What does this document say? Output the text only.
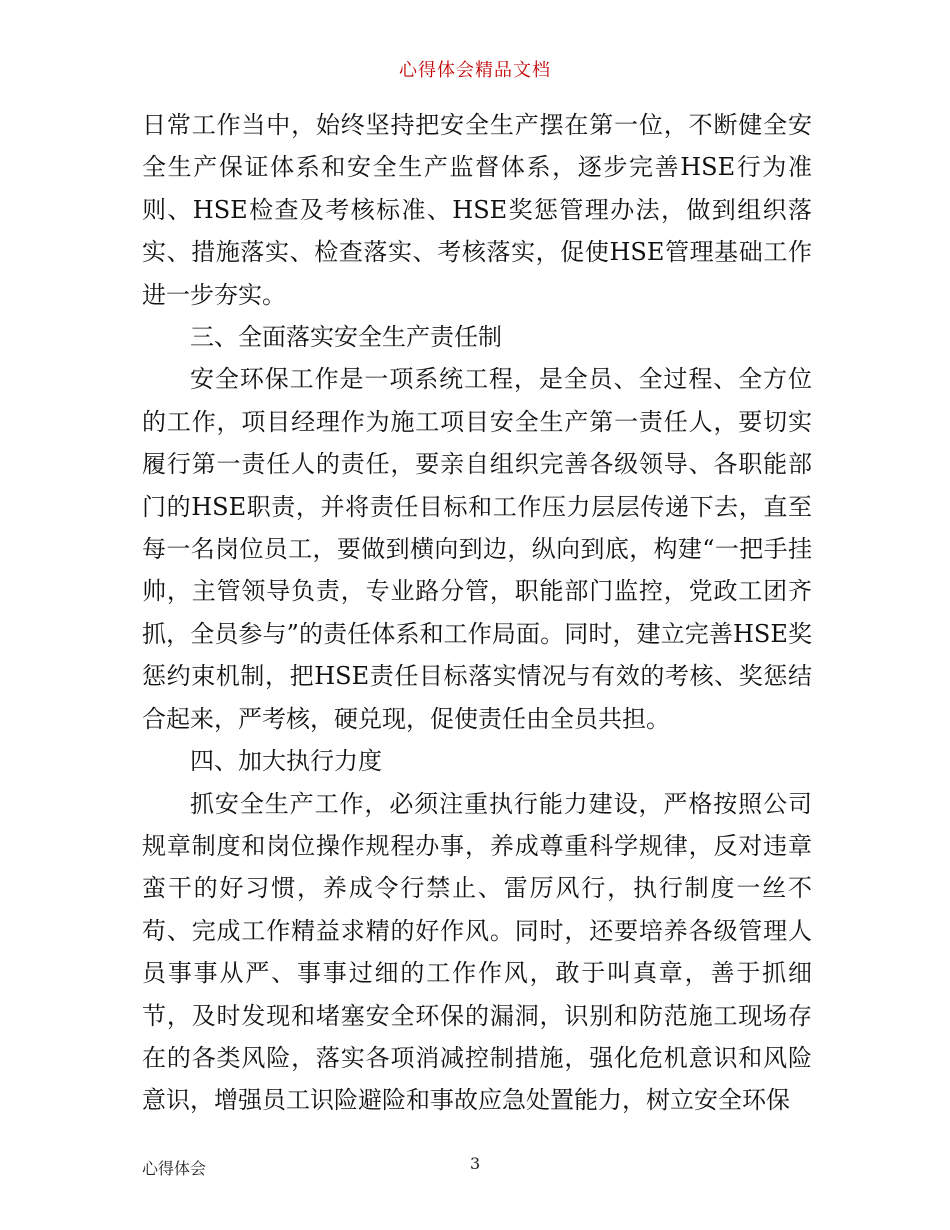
心得体会精品文档

日常工作当中，始终坚持把安全生产摆在第一位，不断健全安全生产保证体系和安全生产监督体系，逐步完善HSE行为准则、HSE检查及考核标准、HSE奖惩管理办法，做到组织落实、措施落实、检查落实、考核落实，促使HSE管理基础工作进一步夯实。

三、全面落实安全生产责任制

安全环保工作是一项系统工程，是全员、全过程、全方位的工作，项目经理作为施工项目安全生产第一责任人，要切实履行第一责任人的责任，要亲自组织完善各级领导、各职能部门的HSE职责，并将责任目标和工作压力层层传递下去，直至每一名岗位员工，要做到横向到边，纵向到底，构建“一把手挂帅，主管领导负责，专业路分管，职能部门监控，党政工团齐抓，全员参与”的责任体系和工作局面。同时，建立完善HSE奖惩约束机制，把HSE责任目标落实情况与有效的考核、奖惩结合起来，严考核，硬兑现，促使责任由全员共担。

四、加大执行力度

抓安全生产工作，必须注重执行能力建设，严格按照公司规章制度和岗位操作规程办事，养成尊重科学规律，反对违章蛮干的好习惯，养成令行禁止、雷厉风行，执行制度一丝不苟、完成工作精益求精的好作风。同时，还要培养各级管理人员事事从严、事事过细的工作作风，敢于叫真章，善于抓细节，及时发现和堵塞安全环保的漏洞，识别和防范施工现场存在的各类风险，落实各项消减控制措施，强化危机意识和风险意识，增强员工识险避险和事故应急处置能力，树立安全环保

心得体会	3
